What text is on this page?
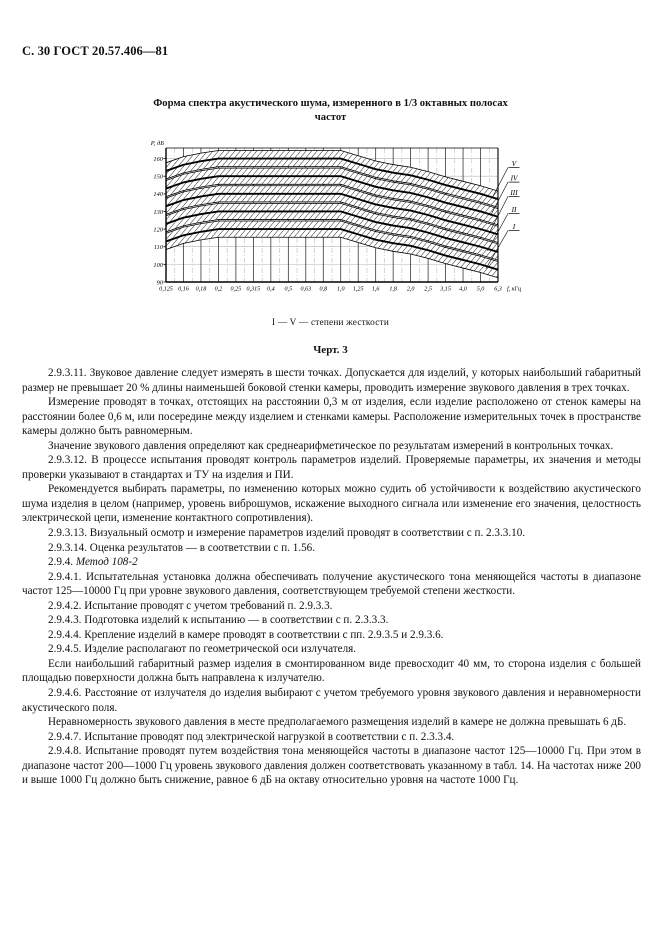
С. 30 ГОСТ 20.57.406—81
Форма спектра акустического шума, измеренного в 1/3 октавных полосах
частот
90
100
110
120
130
140
150
160
P, дБ
0,125 0,16 0,18 0,2 0,25 0,315 0,4 0,5 0,63 0,8 1,0 1,25 1,6 1,8 2,0 2,5 3,15 4,0 5,0 6,3 f, кГц
V
IV
III
II
I
I — V — степени жесткости
Черт. 3

2.9.3.11. Звуковое давление следует измерять в шести точках. Допускается для изделий, у которых наибольший габаритный размер не превышает 20 % длины наименьшей боковой стенки камеры, проводить измерение звукового давления в трех точках.

Измерение проводят в точках, отстоящих на расстоянии 0,3 м от изделия, если изделие расположено от стенок камеры на расстоянии более 0,6 м, или посередине между изделием и стенками камеры. Расположение измерительных точек в пространстве камеры должно быть равномерным.

Значение звукового давления определяют как среднеарифметическое по результатам измерений в контрольных точках.

2.9.3.12. В процессе испытания проводят контроль параметров изделий. Проверяемые параметры, их значения и методы проверки указывают в стандартах и ТУ на изделия и ПИ.

Рекомендуется выбирать параметры, по изменению которых можно судить об устойчивости к воздействию акустического шума изделия в целом (например, уровень виброшумов, искажение выходного сигнала или изменение его значения, целостность электрической цепи, изменение контактного сопротивления).

2.9.3.13. Визуальный осмотр и измерение параметров изделий проводят в соответствии с п. 2.3.3.10.

2.9.3.14. Оценка результатов — в соответствии с п. 1.56.

2.9.4. Метод 108-2

2.9.4.1. Испытательная установка должна обеспечивать получение акустического тона меняющейся частоты в диапазоне частот 125—10000 Гц при уровне звукового давления, соответствующем требуемой степени жесткости.

2.9.4.2. Испытание проводят с учетом требований п. 2.9.3.3.

2.9.4.3. Подготовка изделий к испытанию — в соответствии с п. 2.3.3.3.

2.9.4.4. Крепление изделий в камере проводят в соответствии с пп. 2.9.3.5 и 2.9.3.6.

2.9.4.5. Изделие располагают по геометрической оси излучателя.

Если наибольший габаритный размер изделия в смонтированном виде превосходит 40 мм, то сторона изделия с большей площадью поверхности должна быть направлена к излучателю.

2.9.4.6. Расстояние от излучателя до изделия выбирают с учетом требуемого уровня звукового давления и неравномерности акустического поля.

Неравномерность звукового давления в месте предполагаемого размещения изделий в камере не должна превышать 6 дБ.

2.9.4.7. Испытание проводят под электрической нагрузкой в соответствии с п. 2.3.3.4.

2.9.4.8. Испытание проводят путем воздействия тона меняющейся частоты в диапазоне частот 125—10000 Гц. При этом в диапазоне частот 200—1000 Гц уровень звукового давления должен соответствовать указанному в табл. 14. На частотах ниже 200 и выше 1000 Гц должно быть снижение, равное 6 дБ на октаву относительно уровня на частоте 1000 Гц.
